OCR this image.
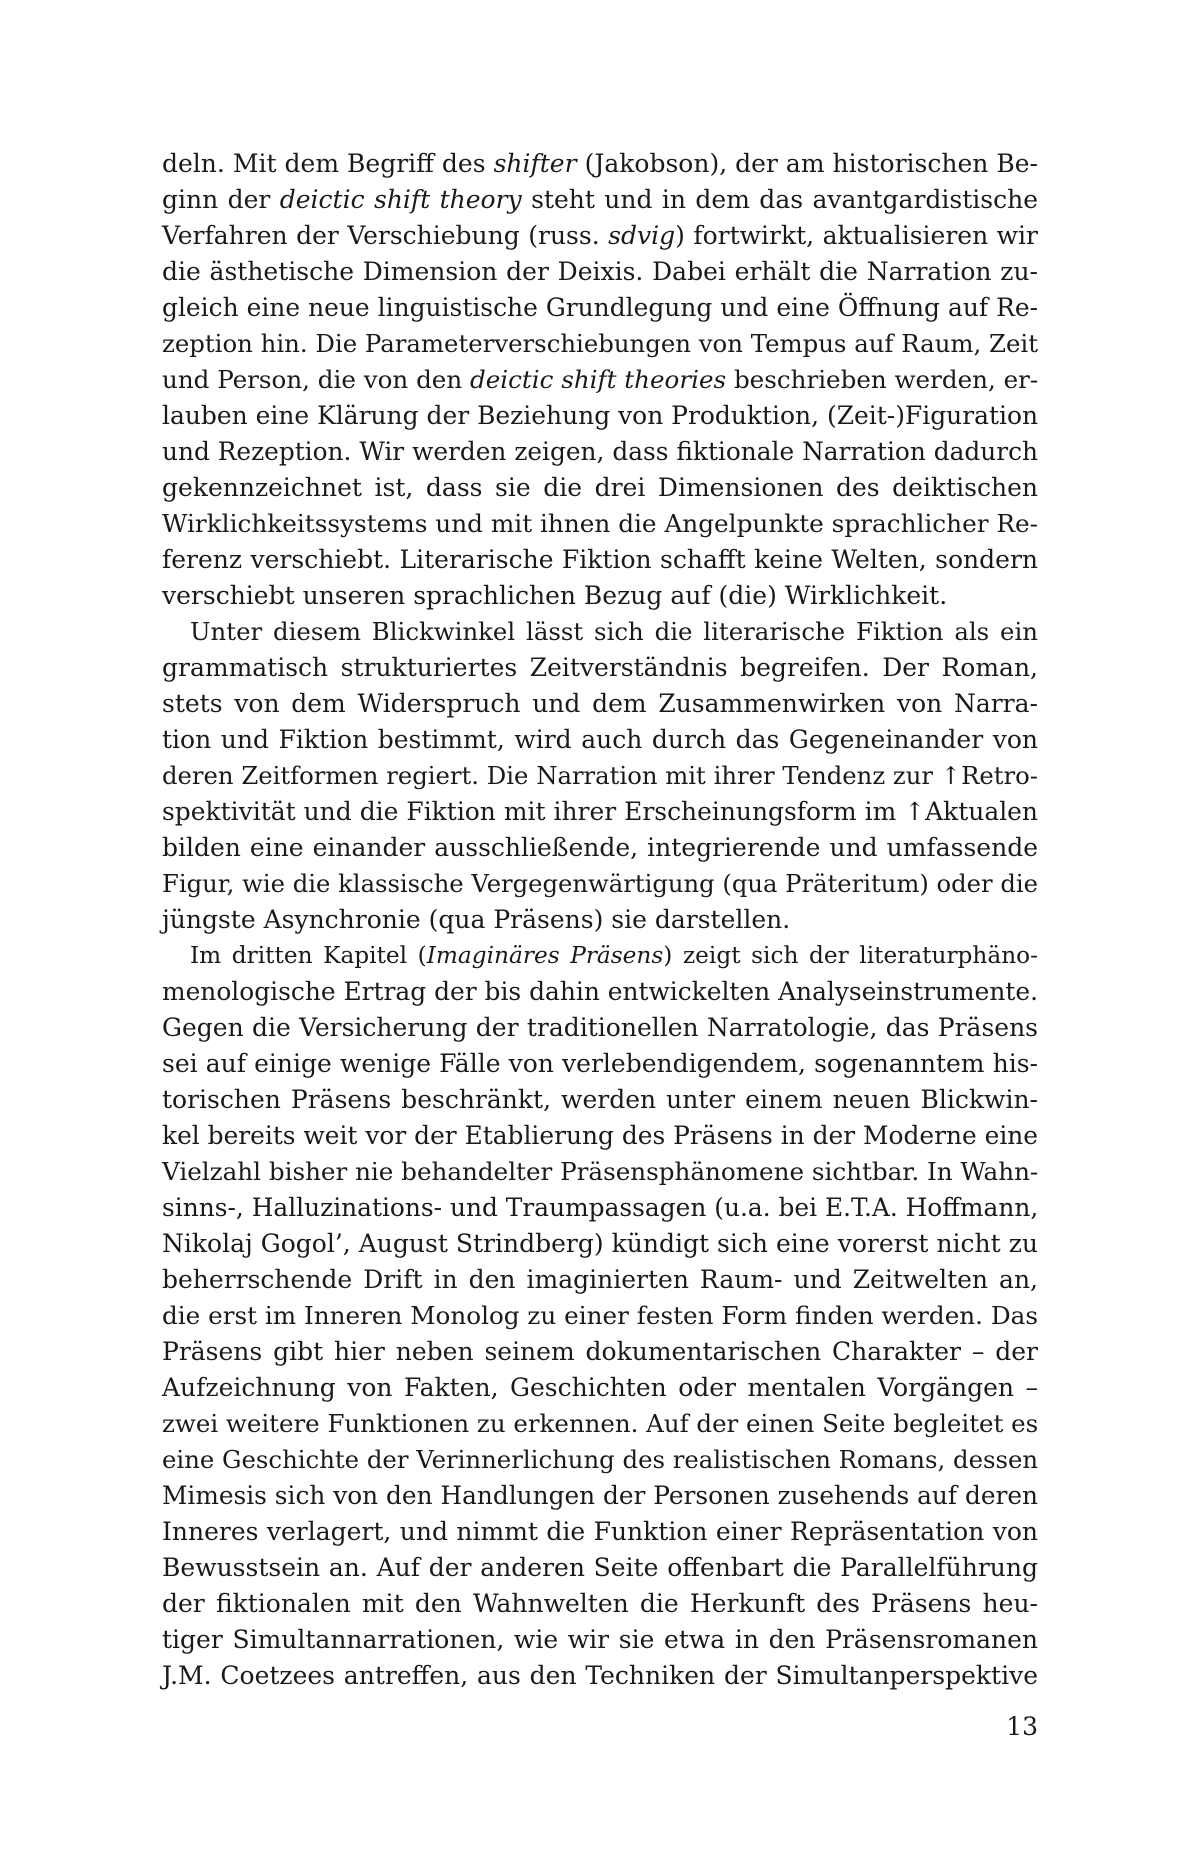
deln. Mit dem Begriff des shifter (Jakobson), der am historischen Be-
ginn der deictic shift theory steht und in dem das avantgardistische
Verfahren der Verschiebung (russ. sdvig) fortwirkt, aktualisieren wir
die ästhetische Dimension der Deixis. Dabei erhält die Narration zu-
gleich eine neue linguistische Grundlegung und eine Öffnung auf Re-
zeption hin. Die Parameterverschiebungen von Tempus auf Raum, Zeit
und Person, die von den deictic shift theories beschrieben werden, er-
lauben eine Klärung der Beziehung von Produktion, (Zeit-)Figuration
und Rezeption. Wir werden zeigen, dass fiktionale Narration dadurch
gekennzeichnet ist, dass sie die drei Dimensionen des deiktischen
Wirklichkeitssystems und mit ihnen die Angelpunkte sprachlicher Re-
ferenz verschiebt. Literarische Fiktion schafft keine Welten, sondern
verschiebt unseren sprachlichen Bezug auf (die) Wirklichkeit.
Unter diesem Blickwinkel lässt sich die literarische Fiktion als ein
grammatisch strukturiertes Zeitverständnis begreifen. Der Roman,
stets von dem Widerspruch und dem Zusammenwirken von Narra-
tion und Fiktion bestimmt, wird auch durch das Gegeneinander von
deren Zeitformen regiert. Die Narration mit ihrer Tendenz zur ↑Retro-
spektivität und die Fiktion mit ihrer Erscheinungsform im ↑Aktualen
bilden eine einander ausschließende, integrierende und umfassende
Figur, wie die klassische Vergegenwärtigung (qua Präteritum) oder die
jüngste Asynchronie (qua Präsens) sie darstellen.
Im dritten Kapitel (Imaginäres Präsens) zeigt sich der literaturphäno-
menologische Ertrag der bis dahin entwickelten Analyseinstrumente.
Gegen die Versicherung der traditionellen Narratologie, das Präsens
sei auf einige wenige Fälle von verlebendigendem, sogenanntem his-
torischen Präsens beschränkt, werden unter einem neuen Blickwin-
kel bereits weit vor der Etablierung des Präsens in der Moderne eine
Vielzahl bisher nie behandelter Präsensphänomene sichtbar. In Wahn-
sinns-, Halluzinations- und Traumpassagen (u.a. bei E.T.A. Hoffmann,
Nikolaj Gogol’, August Strindberg) kündigt sich eine vorerst nicht zu
beherrschende Drift in den imaginierten Raum- und Zeitwelten an,
die erst im Inneren Monolog zu einer festen Form finden werden. Das
Präsens gibt hier neben seinem dokumentarischen Charakter – der
Aufzeichnung von Fakten, Geschichten oder mentalen Vorgängen –
zwei weitere Funktionen zu erkennen. Auf der einen Seite begleitet es
eine Geschichte der Verinnerlichung des realistischen Romans, dessen
Mimesis sich von den Handlungen der Personen zusehends auf deren
Inneres verlagert, und nimmt die Funktion einer Repräsentation von
Bewusstsein an. Auf der anderen Seite offenbart die Parallelführung
der fiktionalen mit den Wahnwelten die Herkunft des Präsens heu-
tiger Simultannarrationen, wie wir sie etwa in den Präsensromanen
J.M. Coetzees antreffen, aus den Techniken der Simultanperspektive
13
